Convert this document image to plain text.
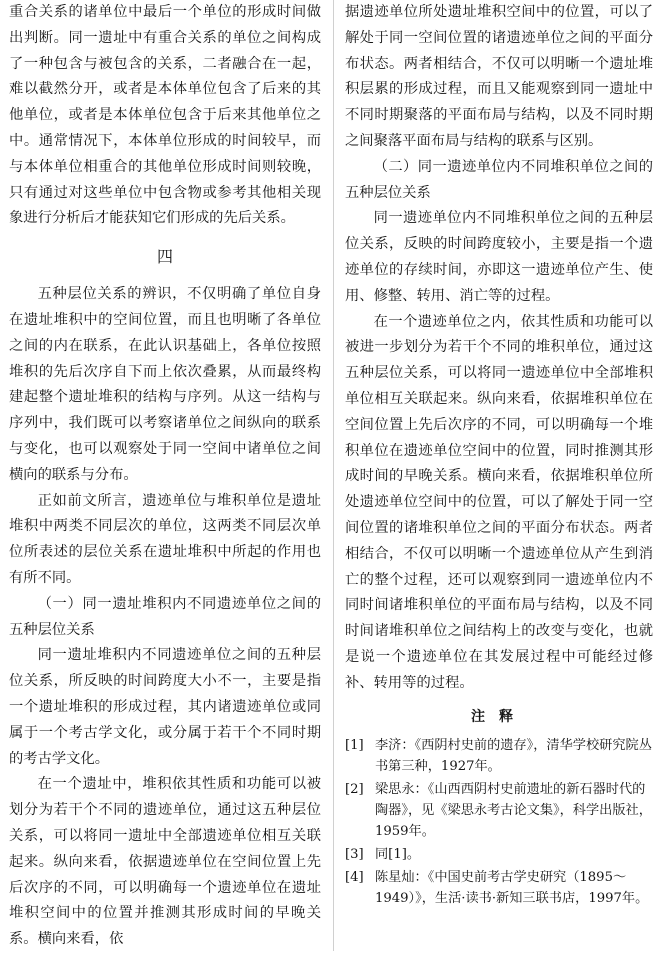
重合关系的诸单位中最后一个单位的形成时间做出判断。同一遗址中有重合关系的单位之间构成了一种包含与被包含的关系，二者融合在一起，难以截然分开，或者是本体单位包含了后来的其他单位，或者是本体单位包含于后来其他单位之中。通常情况下，本体单位形成的时间较早，而与本体单位相重合的其他单位形成时间则较晚，只有通过对这些单位中包含物或参考其他相关现象进行分析后才能获知它们形成的先后关系。

四

五种层位关系的辨识，不仅明确了单位自身在遗址堆积中的空间位置，而且也明晰了各单位之间的内在联系，在此认识基础上，各单位按照堆积的先后次序自下而上依次叠累，从而最终构建起整个遗址堆积的结构与序列。从这一结构与序列中，我们既可以考察诸单位之间纵向的联系与变化，也可以观察处于同一空间中诸单位之间横向的联系与分布。

正如前文所言，遗迹单位与堆积单位是遗址堆积中两类不同层次的单位，这两类不同层次单位所表述的层位关系在遗址堆积中所起的作用也有所不同。

（一）同一遗址堆积内不同遗迹单位之间的五种层位关系

同一遗址堆积内不同遗迹单位之间的五种层位关系，所反映的时间跨度大小不一，主要是指一个遗址堆积的形成过程，其内诸遗迹单位或同属于一个考古学文化，或分属于若干个不同时期的考古学文化。

在一个遗址中，堆积依其性质和功能可以被划分为若干个不同的遗迹单位，通过这五种层位关系，可以将同一遗址中全部遗迹单位相互关联起来。纵向来看，依据遗迹单位在空间位置上先后次序的不同，可以明确每一个遗迹单位在遗址堆积空间中的位置并推测其形成时间的早晚关系。横向来看，依

据遗迹单位所处遗址堆积空间中的位置，可以了解处于同一空间位置的诸遗迹单位之间的平面分布状态。两者相结合，不仅可以明晰一个遗址堆积层累的形成过程，而且又能观察到同一遗址中不同时期聚落的平面布局与结构，以及不同时期之间聚落平面布局与结构的联系与区别。

（二）同一遗迹单位内不同堆积单位之间的五种层位关系

同一遗迹单位内不同堆积单位之间的五种层位关系，反映的时间跨度较小，主要是指一个遗迹单位的存续时间，亦即这一遗迹单位产生、使用、修整、转用、消亡等的过程。

在一个遗迹单位之内，依其性质和功能可以被进一步划分为若干个不同的堆积单位，通过这五种层位关系，可以将同一遗迹单位中全部堆积单位相互关联起来。纵向来看，依据堆积单位在空间位置上先后次序的不同，可以明确每一个堆积单位在遗迹单位空间中的位置，同时推测其形成时间的早晚关系。横向来看，依据堆积单位所处遗迹单位空间中的位置，可以了解处于同一空间位置的诸堆积单位之间的平面分布状态。两者相结合，不仅可以明晰一个遗迹单位从产生到消亡的整个过程，还可以观察到同一遗迹单位内不同时间诸堆积单位的平面布局与结构，以及不同时间诸堆积单位之间结构上的改变与变化，也就是说一个遗迹单位在其发展过程中可能经过修补、转用等的过程。

注释
[1] 李济：《西阴村史前的遗存》，清华学校研究院丛书第三种，1927年。
[2] 梁思永：《山西西阴村史前遗址的新石器时代的陶器》，见《梁思永考古论文集》，科学出版社，1959年。
[3] 同[1]。
[4] 陈星灿：《中国史前考古学史研究（1895～1949）》，生活·读书·新知三联书店，1997年。
